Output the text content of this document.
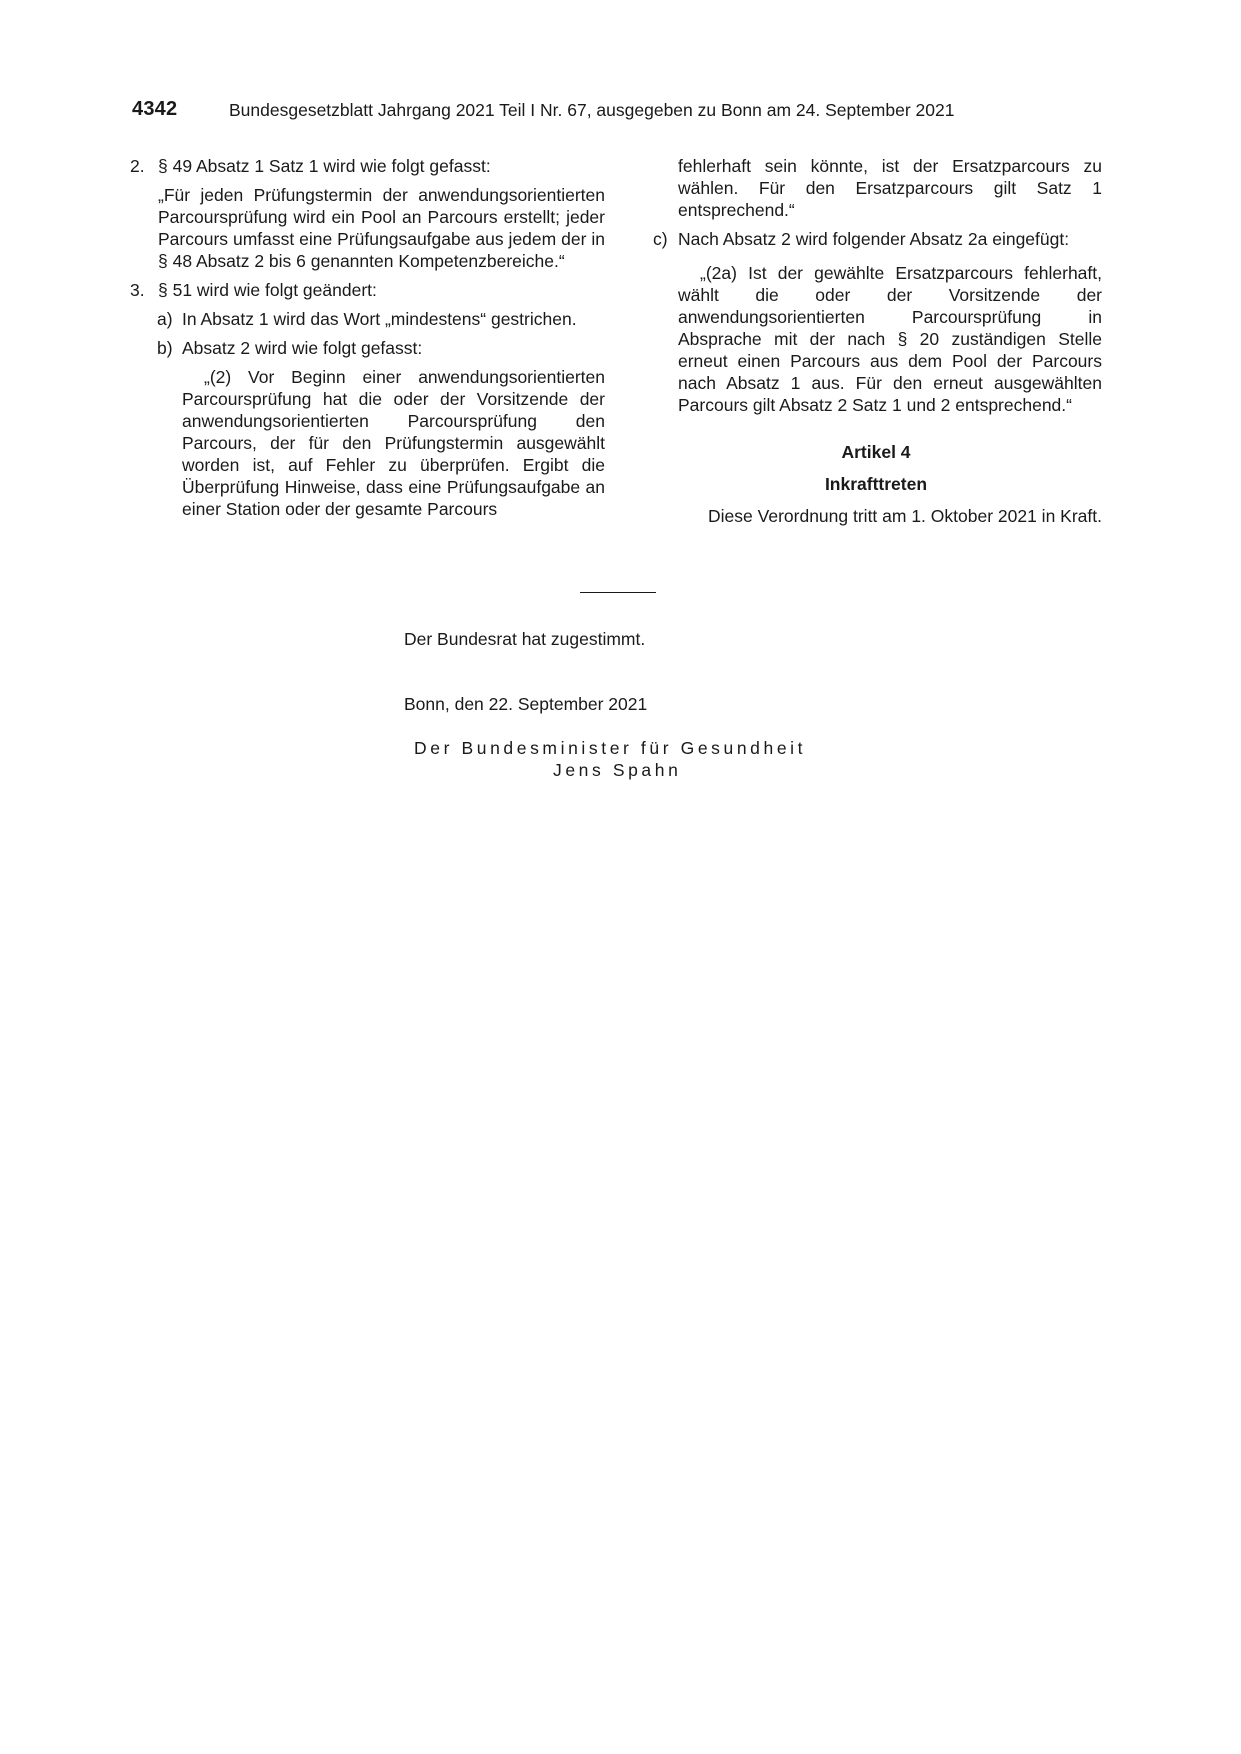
4342	Bundesgesetzblatt Jahrgang 2021 Teil I Nr. 67, ausgegeben zu Bonn am 24. September 2021
2. § 49 Absatz 1 Satz 1 wird wie folgt gefasst:

„Für jeden Prüfungstermin der anwendungsorientierten Parcoursprüfung wird ein Pool an Parcours erstellt; jeder Parcours umfasst eine Prüfungsaufgabe aus jedem der in § 48 Absatz 2 bis 6 genannten Kompetenzbereiche.“

3. § 51 wird wie folgt geändert:
a) In Absatz 1 wird das Wort „mindestens“ gestrichen.
b) Absatz 2 wird wie folgt gefasst:

„(2) Vor Beginn einer anwendungsorientierten Parcoursprüfung hat die oder der Vorsitzende der anwendungsorientierten Parcoursprüfung den Parcours, der für den Prüfungstermin ausgewählt worden ist, auf Fehler zu überprüfen. Ergibt die Überprüfung Hinweise, dass eine Prüfungsaufgabe an einer Station oder der gesamte Parcours

fehlerhaft sein könnte, ist der Ersatzparcours zu wählen. Für den Ersatzparcours gilt Satz 1 entsprechend.“

c) Nach Absatz 2 wird folgender Absatz 2a eingefügt:

„(2a) Ist der gewählte Ersatzparcours fehlerhaft, wählt die oder der Vorsitzende der anwendungsorientierten Parcoursprüfung in Absprache mit der nach § 20 zuständigen Stelle erneut einen Parcours aus dem Pool der Parcours nach Absatz 1 aus. Für den erneut ausgewählten Parcours gilt Absatz 2 Satz 1 und 2 entsprechend.“

Artikel 4

Inkrafttreten

Diese Verordnung tritt am 1. Oktober 2021 in Kraft.

Der Bundesrat hat zugestimmt.
Bonn, den 22. September 2021
Der Bundesminister für Gesundheit
Jens Spahn
